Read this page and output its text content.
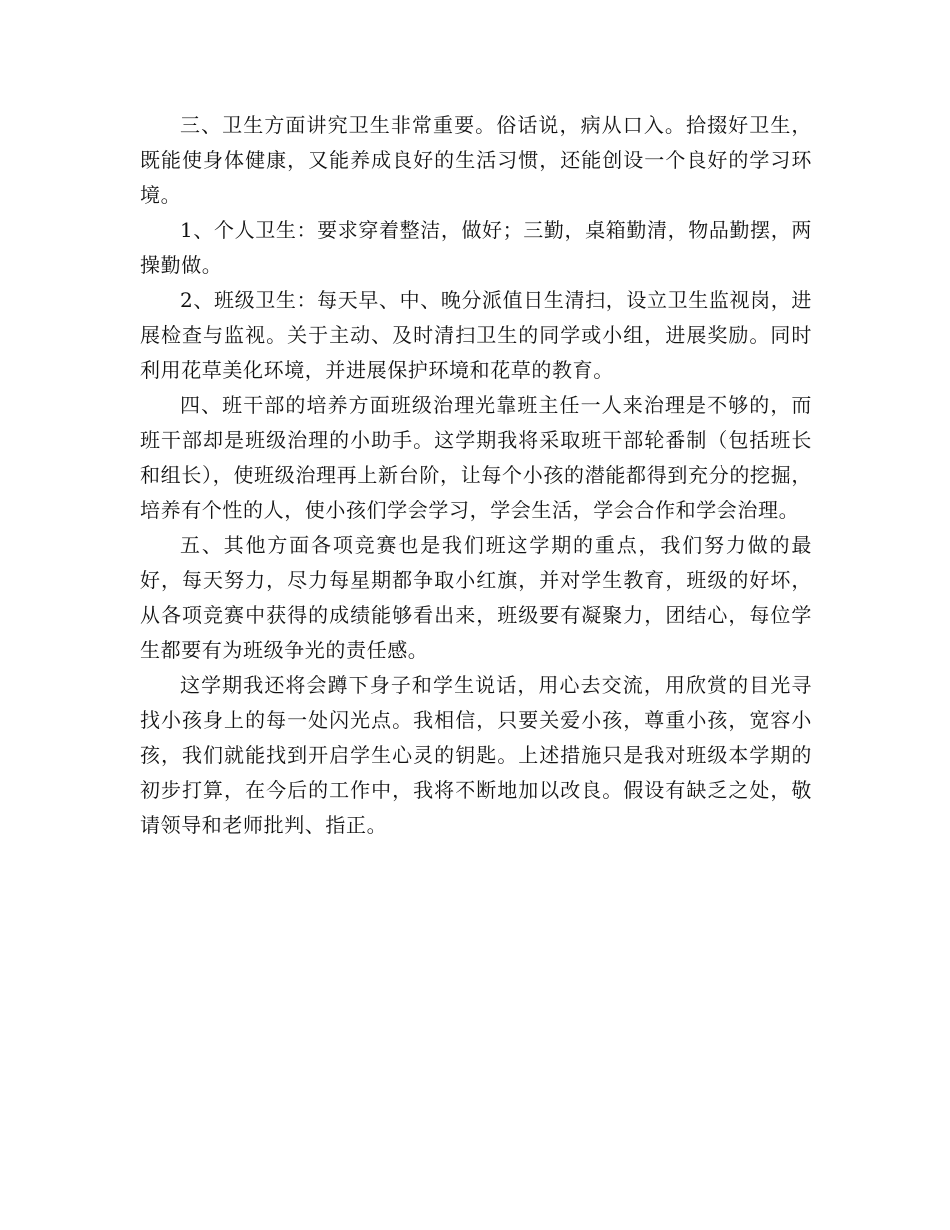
三、卫生方面讲究卫生非常重要。俗话说，病从口入。拾掇好卫生，既能使身体健康，又能养成良好的生活习惯，还能创设一个良好的学习环境。

1、个人卫生：要求穿着整洁，做好；三勤，桌箱勤清，物品勤摆，两操勤做。

2、班级卫生：每天早、中、晚分派值日生清扫，设立卫生监视岗，进展检查与监视。关于主动、及时清扫卫生的同学或小组，进展奖励。同时利用花草美化环境，并进展保护环境和花草的教育。

四、班干部的培养方面班级治理光靠班主任一人来治理是不够的，而班干部却是班级治理的小助手。这学期我将采取班干部轮番制（包括班长和组长），使班级治理再上新台阶，让每个小孩的潜能都得到充分的挖掘，培养有个性的人，使小孩们学会学习，学会生活，学会合作和学会治理。

五、其他方面各项竞赛也是我们班这学期的重点，我们努力做的最好，每天努力，尽力每星期都争取小红旗，并对学生教育，班级的好坏，从各项竞赛中获得的成绩能够看出来，班级要有凝聚力，团结心，每位学生都要有为班级争光的责任感。

这学期我还将会蹲下身子和学生说话，用心去交流，用欣赏的目光寻找小孩身上的每一处闪光点。我相信，只要关爱小孩，尊重小孩，宽容小孩，我们就能找到开启学生心灵的钥匙。上述措施只是我对班级本学期的初步打算，在今后的工作中，我将不断地加以改良。假设有缺乏之处，敬请领导和老师批判、指正。
